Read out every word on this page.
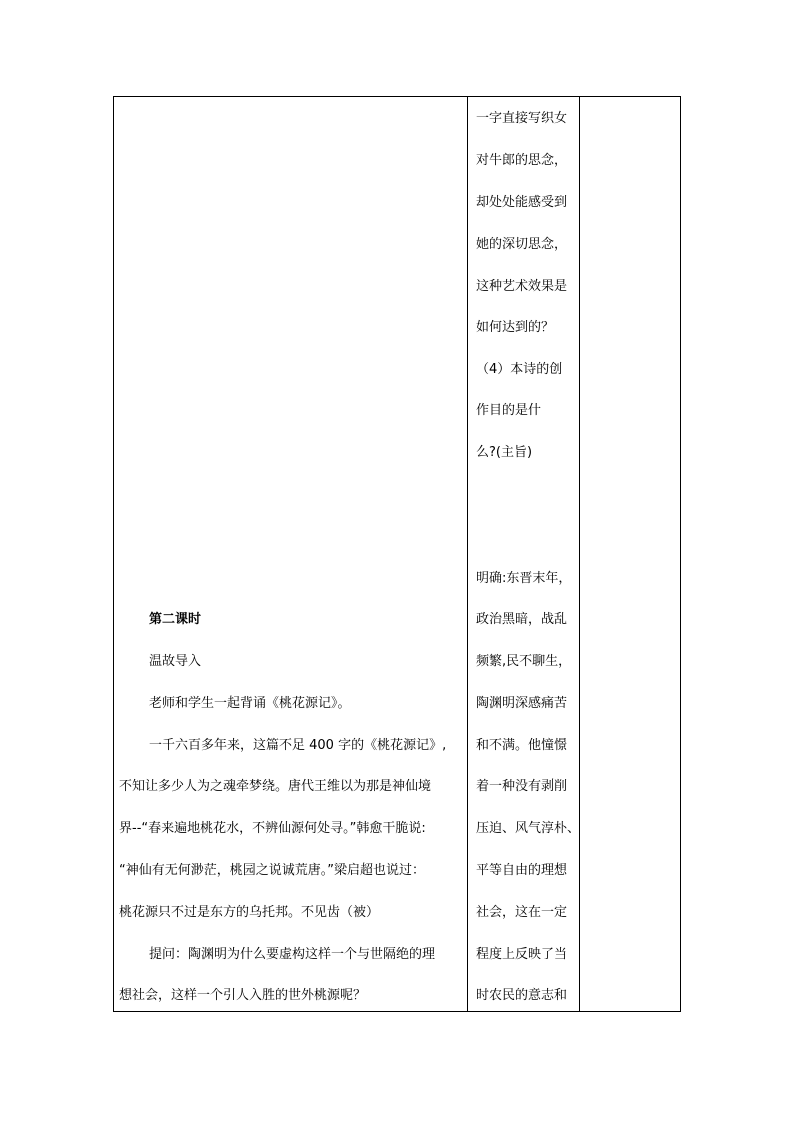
一字直接写织女
对牛郎的思念，
却处处能感受到
她的深切思念，
这种艺术效果是
如何达到的？
（4）本诗的创
作目的是什
么?(主旨)
明确:东晋末年，
政治黑暗，战乱
频繁,民不聊生，
陶渊明深感痛苦
和不满。他憧憬
着一种没有剥削
压迫、风气淳朴、
平等自由的理想
社会，这在一定
程度上反映了当
时农民的意志和
第二课时
温故导入
老师和学生一起背诵《桃花源记》。
一千六百多年来，这篇不足 400 字的《桃花源记》,
不知让多少人为之魂牵梦绕。唐代王维以为那是神仙境
界--“春来遍地桃花水，不辨仙源何处寻。”韩愈干脆说:
“神仙有无何渺茫，桃园之说诚荒唐。”梁启超也说过：
桃花源只不过是东方的乌托邦。不见齿（被）
提问：陶渊明为什么要虚构这样一个与世隔绝的理
想社会，这样一个引人入胜的世外桃源呢？
